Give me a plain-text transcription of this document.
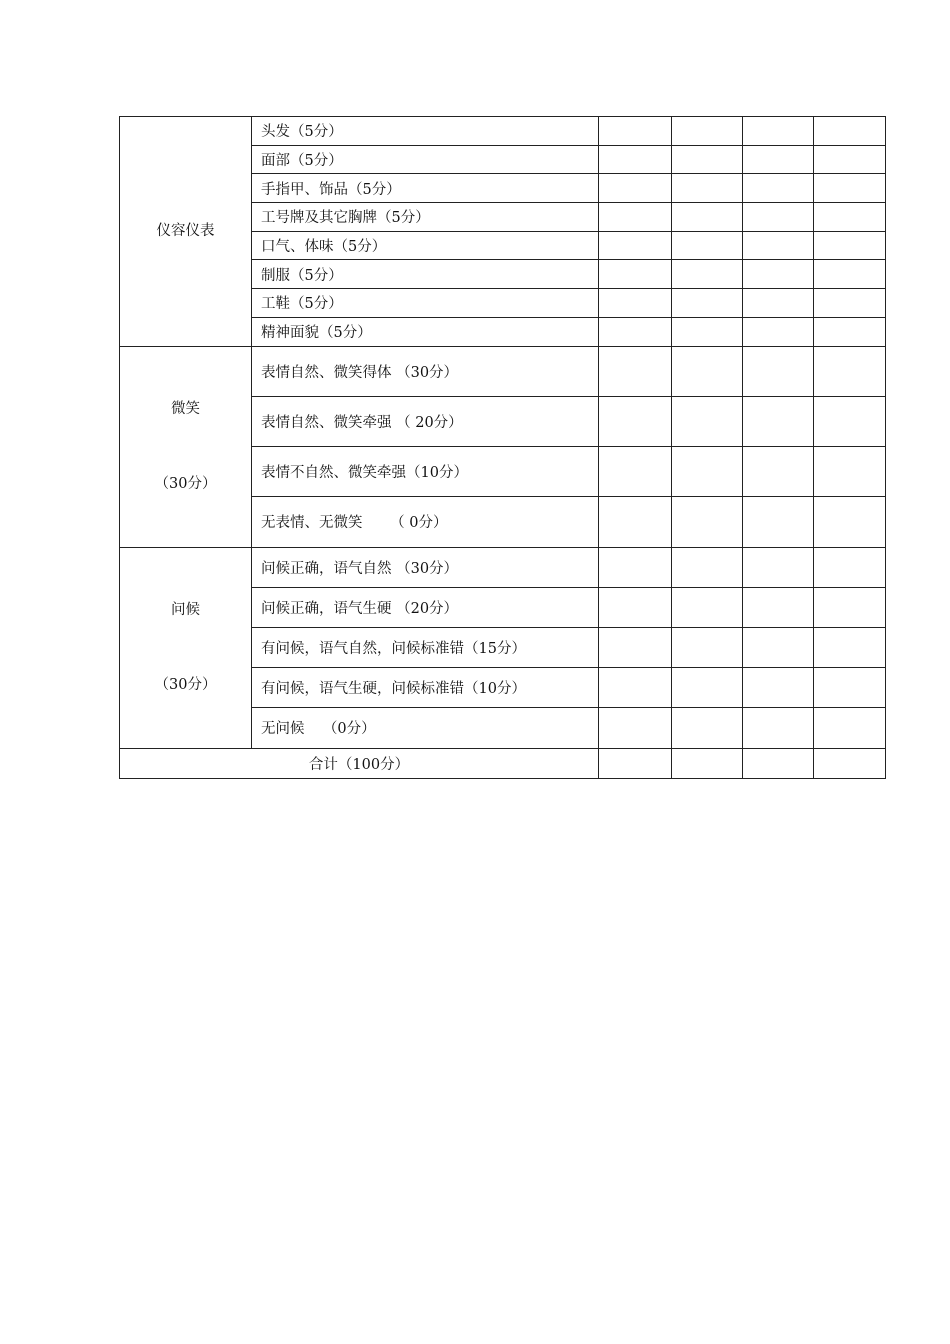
仪容仪表	头发（5分）				
	面部（5分）				
	手指甲、饰品（5分）				
	工号牌及其它胸牌（5分）				
	口气、体味（5分）				
	制服（5分）				
	工鞋（5分）				
	精神面貌（5分）				

微笑

（30分）	表情自然、微笑得体 （30分）				
	表情自然、微笑牵强 （ 20分）				
	表情不自然、微笑牵强（10分）				
	无表情、无微笑      （ 0分）				

问候

（30分）	问候正确，语气自然 （30分）				
	问候正确，语气生硬 （20分）				
	有问候，语气自然，问候标准错（15分）				
	有问候，语气生硬，问候标准错（10分）				
	无问候    （0分）				
合计（100分）					
